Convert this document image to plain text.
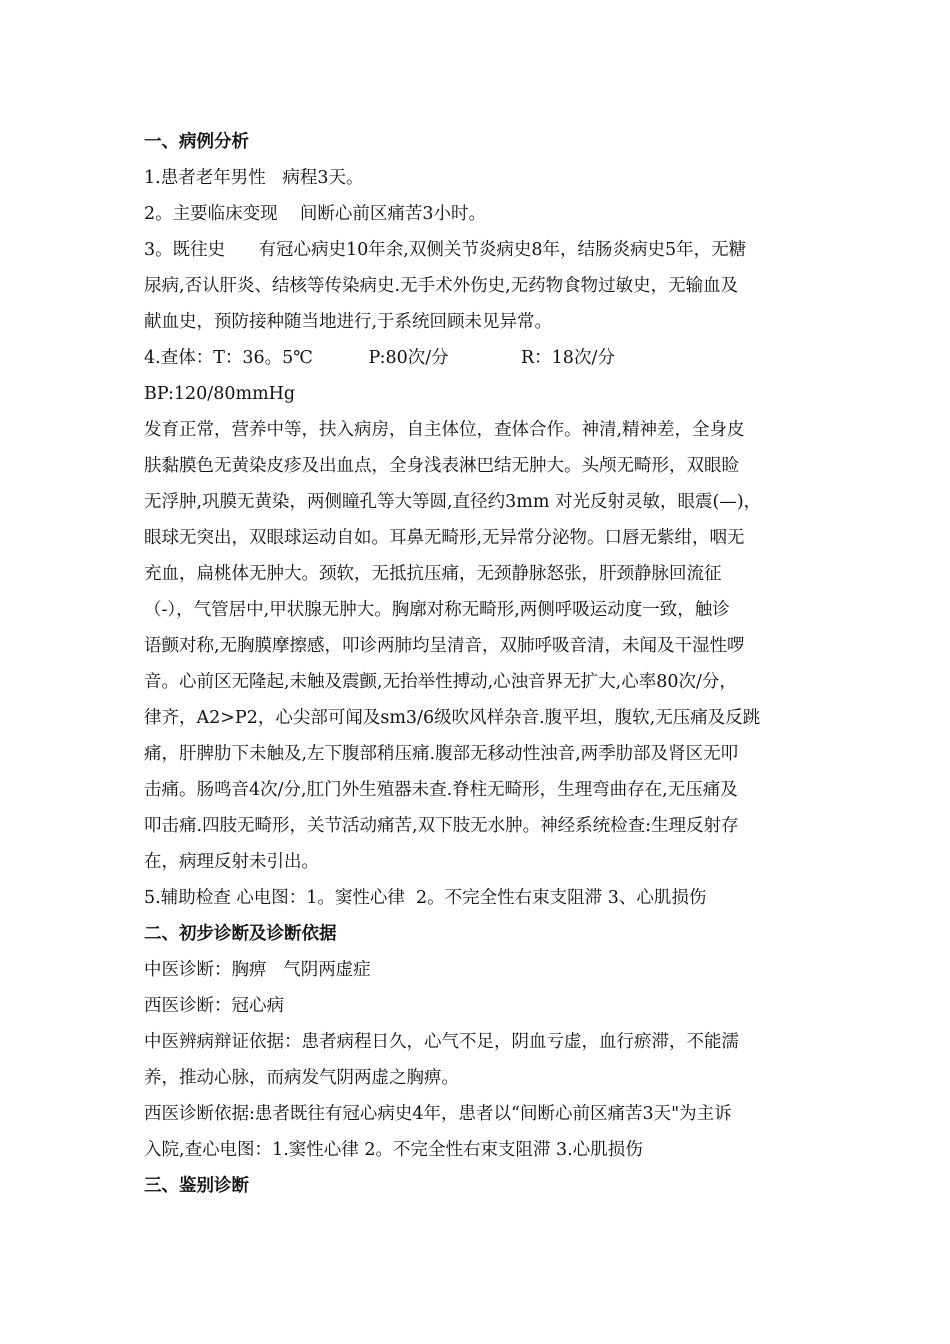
一、病例分析
1.患者老年男性   病程3天。
2。主要临床变现    间断心前区痛苦3小时。
3。既往史      有冠心病史10年余,双侧关节炎病史8年，结肠炎病史5年，无糖
尿病,否认肝炎、结核等传染病史.无手术外伤史,无药物食物过敏史，无输血及
献血史，预防接种随当地进行,于系统回顾未见异常。
4.查体：T：36。5℃          P:80次/分             R：18次/分
BP:120/80mmHg
发育正常，营养中等，扶入病房，自主体位，查体合作。神清,精神差，全身皮
肤黏膜色无黄染皮疹及出血点，全身浅表淋巴结无肿大。头颅无畸形，双眼睑
无浮肿,巩膜无黄染，两侧瞳孔等大等圆,直径约3mm 对光反射灵敏，眼震(—)，
眼球无突出，双眼球运动自如。耳鼻无畸形,无异常分泌物。口唇无紫绀，咽无
充血，扁桃体无肿大。颈软，无抵抗压痛，无颈静脉怒张，肝颈静脉回流征
（-），气管居中,甲状腺无肿大。胸廓对称无畸形,两侧呼吸运动度一致，触诊
语颤对称,无胸膜摩擦感，叩诊两肺均呈清音，双肺呼吸音清，未闻及干湿性啰
音。心前区无隆起,未触及震颤,无抬举性搏动,心浊音界无扩大,心率80次/分，
律齐，A2>P2，心尖部可闻及sm3/6级吹风样杂音.腹平坦，腹软,无压痛及反跳
痛，肝脾肋下未触及,左下腹部稍压痛.腹部无移动性浊音,两季肋部及肾区无叩
击痛。肠鸣音4次/分,肛门外生殖器未查.脊柱无畸形，生理弯曲存在,无压痛及
叩击痛.四肢无畸形，关节活动痛苦,双下肢无水肿。神经系统检查:生理反射存
在，病理反射未引出。
5.辅助检查 心电图：1。窦性心律  2。不完全性右束支阻滞 3、心肌损伤
二、初步诊断及诊断依据
中医诊断：胸痹   气阴两虚症
西医诊断：冠心病
中医辨病辩证依据：患者病程日久，心气不足，阴血亏虚，血行瘀滞，不能濡
养，推动心脉，而病发气阴两虚之胸痹。
西医诊断依据:患者既往有冠心病史4年，患者以“间断心前区痛苦3天"为主诉
入院,查心电图：1.窦性心律 2。不完全性右束支阻滞 3.心肌损伤
三、鉴别诊断
